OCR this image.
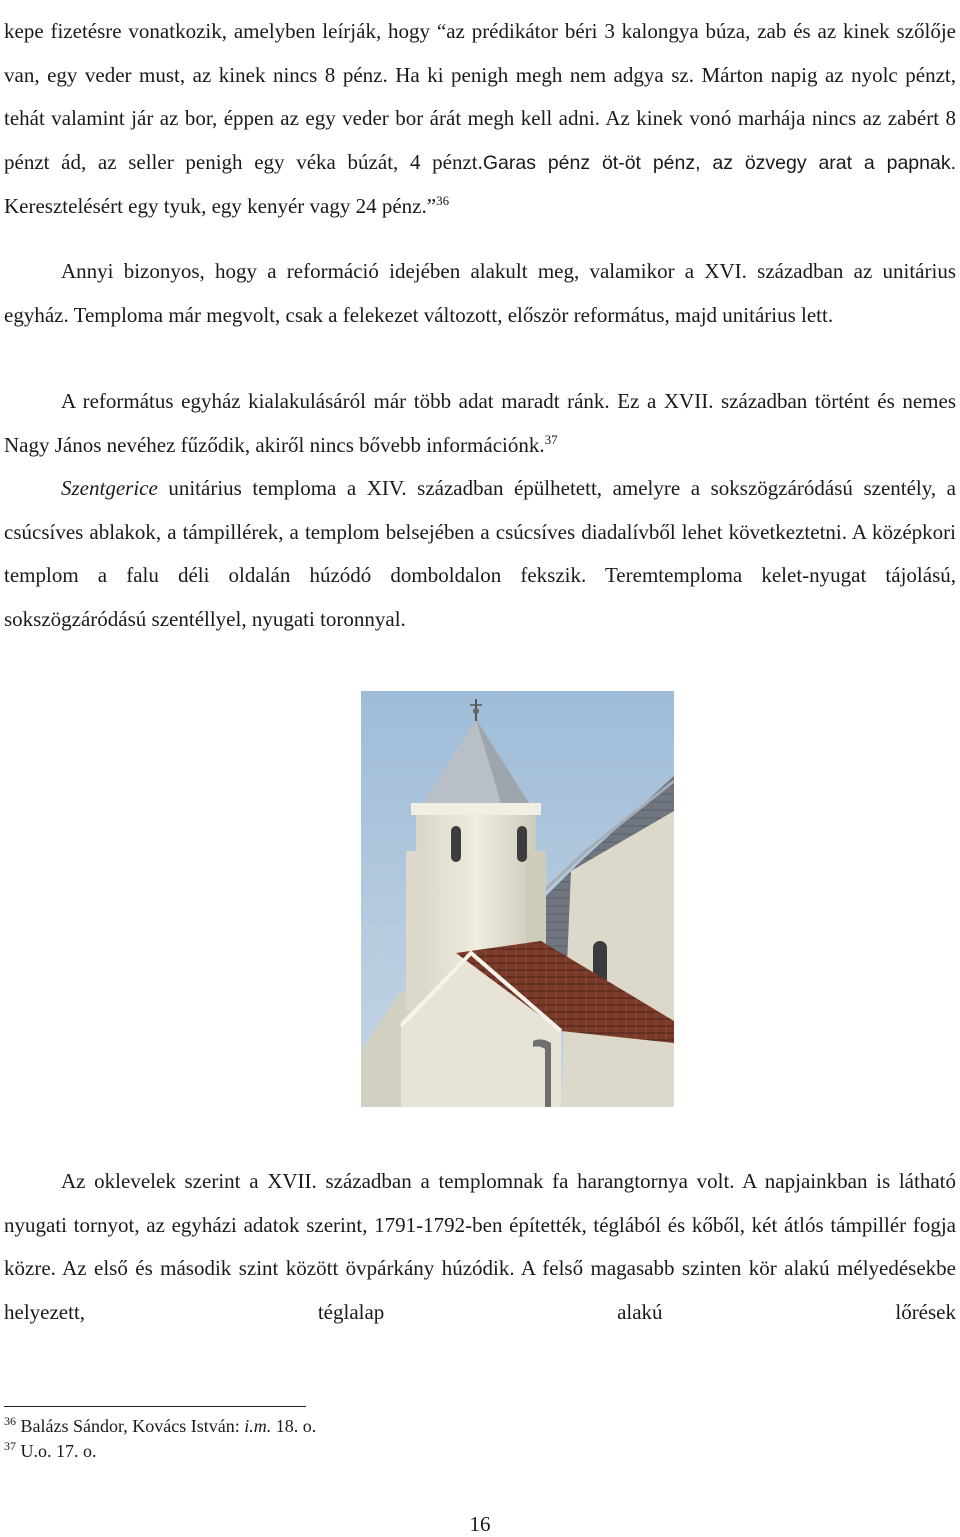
kepe fizetésre vonatkozik, amelyben leírják, hogy “az prédikátor béri 3 kalongya búza, zab és az kinek szőlője van, egy veder must, az kinek nincs 8 pénz. Ha ki penigh megh nem adgya sz. Márton napig az nyolc pénzt, tehát valamint jár az bor, éppen az egy veder bor árát megh kell adni. Az kinek vonó marhája nincs az zabért 8 pénzt ád, az seller penigh egy véka búzát, 4 pénzt.Garas pénz öt-öt pénz, az özvegy arat a papnak. Keresztelésért egy tyuk, egy kenyér vagy 24 pénz.”$^{36}$

Annyi bizonyos, hogy a reformáció idejében alakult meg, valamikor a XVI. században az unitárius egyház. Temploma már megvolt, csak a felekezet változott, először református, majd unitárius lett.

A református egyház kialakulásáról már több adat maradt ránk. Ez a XVII. században történt és nemes Nagy János nevéhez fűződik, akiről nincs bővebb információnk.$^{37}$

Szentgerice unitárius temploma a XIV. században épülhetett, amelyre a sokszögzáródású szentély, a csúcsíves ablakok, a támpillérek, a templom belsejében a csúcsíves diadalívből lehet következtetni. A középkori templom a falu déli oldalán húzódó domboldalon fekszik. Teremtemploma kelet-nyugat tájolású, sokszögzáródású szentéllyel, nyugati toronnyal.

Az oklevelek szerint a XVII. században a templomnak fa harangtornya volt. A napjainkban is látható nyugati tornyot, az egyházi adatok szerint, 1791-1792-ben építették, téglából és kőből, két átlós támpillér fogja közre. Az első és második szint között övpárkány húzódik. A felső magasabb szinten kör alakú mélyedésekbe helyezett, téglalap alakú lőrések

$^{36}$ Balázs Sándor, Kovács István: i.m. 18. o.
$^{37}$ U.o. 17. o.
16
